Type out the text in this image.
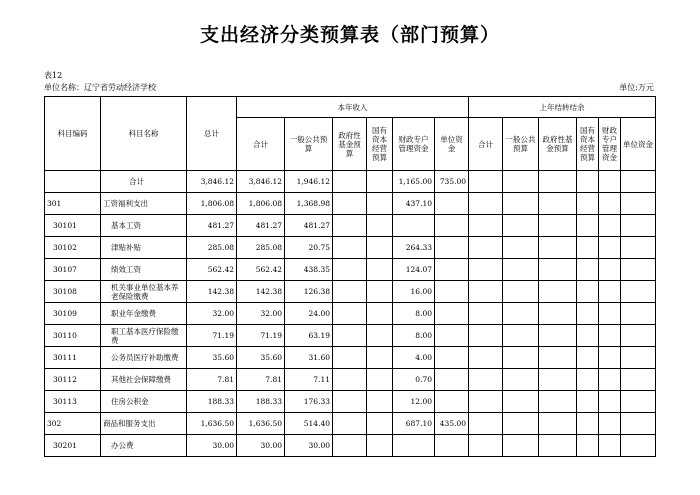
支出经济分类预算表（部门预算）
表12
单位名称：辽宁省劳动经济学校	单位:万元
科目编码	科目名称	总计	本年收入						上年结转结余					
			合计	一般公共预算	政府性基金预算	国有资本经营预算	财政专户管理资金	单位资金	合计	一般公共预算	政府性基金预算	国有资本经营预算	财政专户管理资金	单位资金
	合计	3,846.12	3,846.12	1,946.12			1,165.00	735.00						
301	工资福利支出	1,806.08	1,806.08	1,368.98			437.10							
30101	基本工资	481.27	481.27	481.27										
30102	津贴补贴	285.08	285.08	20.75			264.33							
30107	绩效工资	562.42	562.42	438.35			124.07							
30108	机关事业单位基本养老保险缴费	142.38	142.38	126.38			16.00							
30109	职业年金缴费	32.00	32.00	24.00			8.00							
30110	职工基本医疗保险缴费	71.19	71.19	63.19			8.00							
30111	公务员医疗补助缴费	35.60	35.60	31.60			4.00							
30112	其他社会保障缴费	7.81	7.81	7.11			0.70							
30113	住房公积金	188.33	188.33	176.33			12.00							
302	商品和服务支出	1,636.50	1,636.50	514.40			687.10	435.00						
30201	办公费	30.00	30.00	30.00										
